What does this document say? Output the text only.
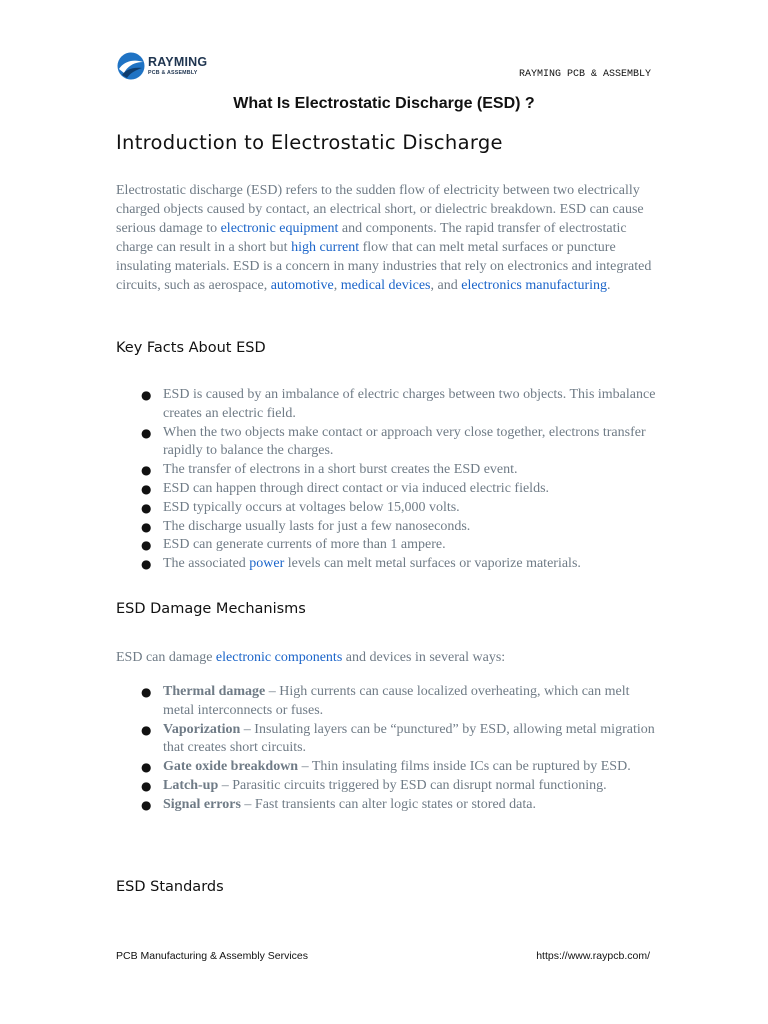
RAYMING
PCB & ASSEMBLY	RAYMING PCB & ASSEMBLY
What Is Electrostatic Discharge (ESD) ?
Introduction to Electrostatic Discharge

Electrostatic discharge (ESD) refers to the sudden flow of electricity between two electrically charged objects caused by contact, an electrical short, or dielectric breakdown. ESD can cause serious damage to electronic equipment and components. The rapid transfer of electrostatic charge can result in a short but high current flow that can melt metal surfaces or puncture insulating materials. ESD is a concern in many industries that rely on electronics and integrated circuits, such as aerospace, automotive, medical devices, and electronics manufacturing.

Key Facts About ESD
● ESD is caused by an imbalance of electric charges between two objects. This imbalance creates an electric field.
● When the two objects make contact or approach very close together, electrons transfer rapidly to balance the charges.
● The transfer of electrons in a short burst creates the ESD event.
● ESD can happen through direct contact or via induced electric fields.
● ESD typically occurs at voltages below 15,000 volts.
● The discharge usually lasts for just a few nanoseconds.
● ESD can generate currents of more than 1 ampere.
● The associated power levels can melt metal surfaces or vaporize materials.
ESD Damage Mechanisms

ESD can damage electronic components and devices in several ways:

● Thermal damage – High currents can cause localized overheating, which can melt metal interconnects or fuses.
● Vaporization – Insulating layers can be “punctured” by ESD, allowing metal migration that creates short circuits.
● Gate oxide breakdown – Thin insulating films inside ICs can be ruptured by ESD.
● Latch-up – Parasitic circuits triggered by ESD can disrupt normal functioning.
● Signal errors – Fast transients can alter logic states or stored data.
ESD Standards
PCB Manufacturing & Assembly Services	https://www.raypcb.com/
